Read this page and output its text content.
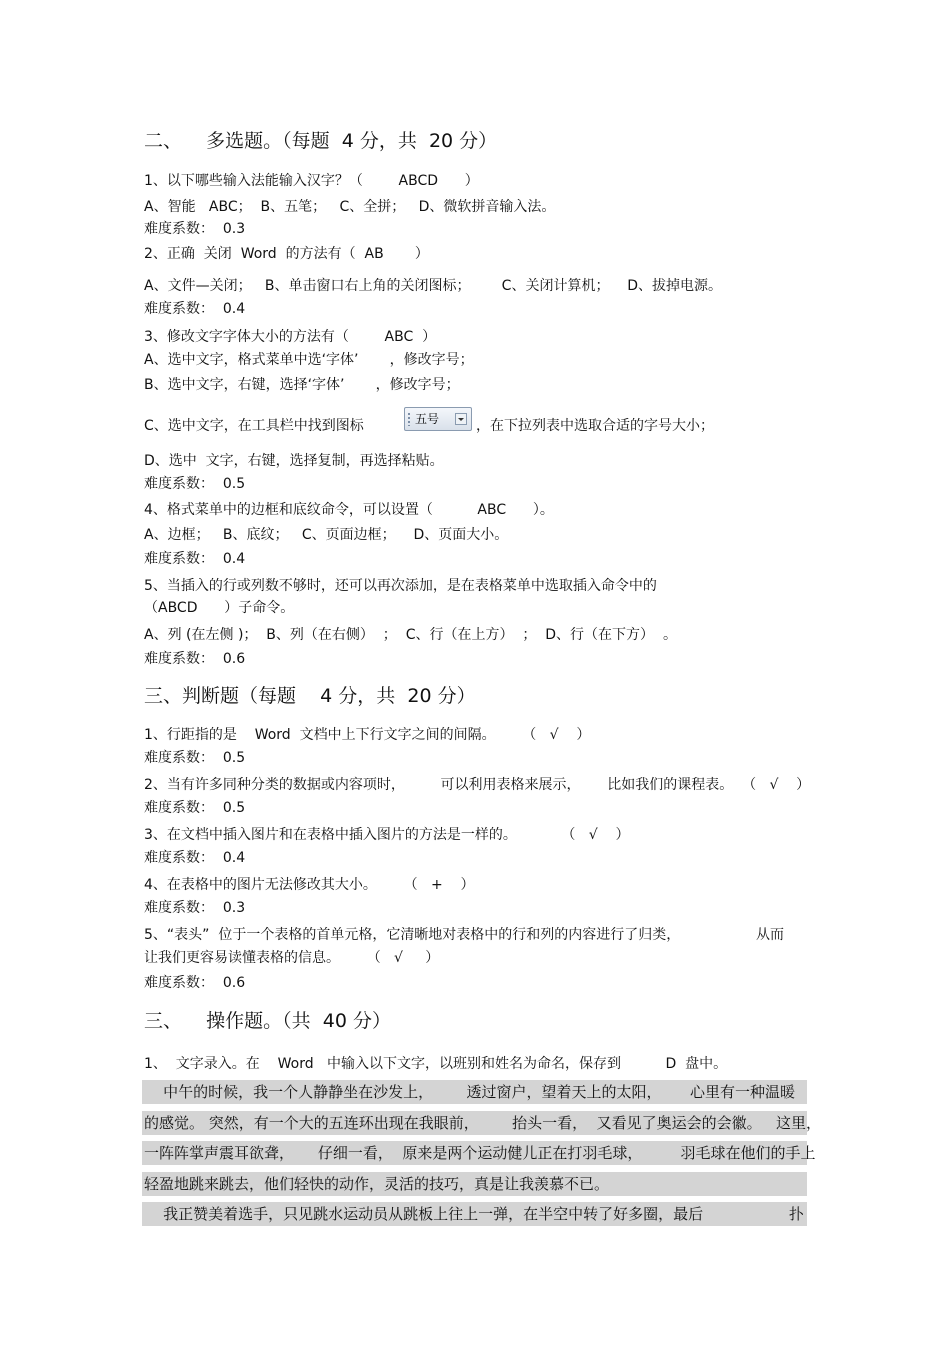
二、    多选题。（每题  4 分，共  20 分）
1、以下哪些输入法能输入汉字？（        ABCD      ）
A、智能   ABC；  B、五笔；   C、全拼；   D、微软拼音输入法。
难度系数：  0.3
2、正确  关闭  Word  的方法有（  AB       ）
A、文件—关闭；   B、单击窗口右上角的关闭图标；       C、关闭计算机；    D、拔掉电源。
难度系数：  0.4
3、修改文字字体大小的方法有（        ABC  ）
A、选中文字，格式菜单中选‘字体’       ，修改字号；
B、选中文字，右键，选择‘字体’       ，修改字号；
C、选中文字，在工具栏中找到图标	五号	，在下拉列表中选取合适的字号大小；
D、选中  文字，右键，选择复制，再选择粘贴。
难度系数：  0.5
4、格式菜单中的边框和底纹命令，可以设置（          ABC      ）。
A、边框；   B、底纹；   C、页面边框；    D、页面大小。
难度系数：  0.4
5、当插入的行或列数不够时，还可以再次添加，是在表格菜单中选取插入命令中的
（ABCD      ）子命令。
A、列 (在左侧 )；  B、列（在右侧）  ；  C、行（在上方）  ；  D、行（在下方）  。
难度系数：  0.6
三、判断题（每题    4 分，共  20 分）
1、行距指的是    Word  文档中上下行文字之间的间隔。      （   √    ）
难度系数：  0.5
2、当有许多同种分类的数据或内容项时，        可以利用表格来展示，      比如我们的课程表。  （   √    ）
难度系数：  0.5
3、在文档中插入图片和在表格中插入图片的方法是一样的。          （   √    ）
难度系数：  0.4
4、在表格中的图片无法修改其大小。      （   +    ）
难度系数：  0.3
5、“表头”  位于一个表格的首单元格，它清晰地对表格中的行和列的内容进行了归类，                 从而
让我们更容易读懂表格的信息。      （   √     ）
难度系数：  0.6
三、    操作题。（共  40 分）
1、  文字录入。在    Word   中输入以下文字，以班别和姓名为命名，保存到          D  盘中。
中午的时候，我一个人静静坐在沙发上，       透过窗户，望着天上的太阳，      心里有一种温暖
的感觉。 突然，有一个大的五连环出现在我眼前，       抬头一看，  又看见了奥运会的会徽。   这里，
一阵阵掌声震耳欲聋，     仔细一看，  原来是两个运动健儿正在打羽毛球，        羽毛球在他们的手上
轻盈地跳来跳去，他们轻快的动作，灵活的技巧，真是让我羡慕不已。
我正赞美着选手，只见跳水运动员从跳板上往上一弹，在半空中转了好多圈，最后                  扑
